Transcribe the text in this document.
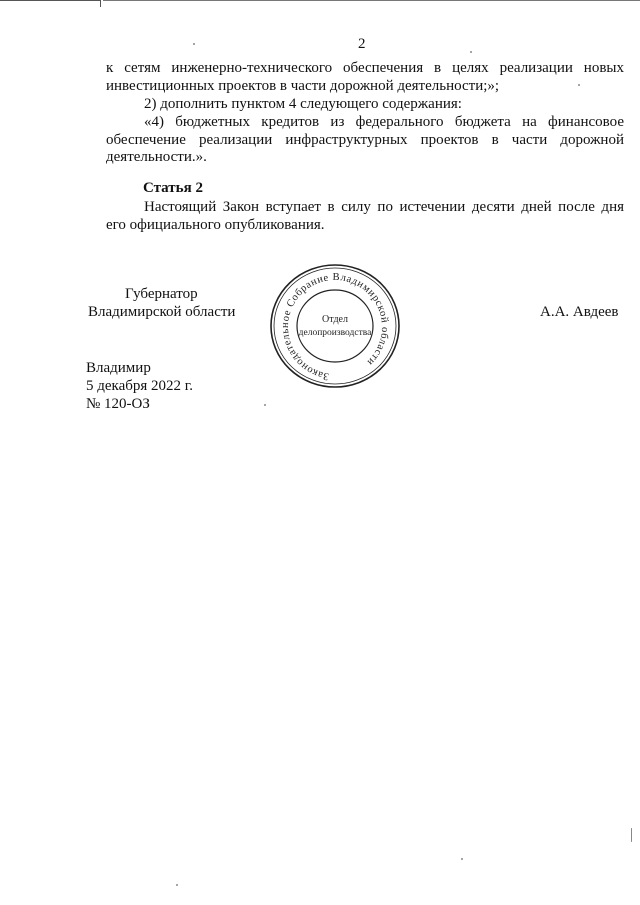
2
к сетям инженерно-технического обеспечения в целях реализации новых
инвестиционных проектов в части дорожной деятельности;»;
2) дополнить пунктом 4 следующего содержания:
«4) бюджетных кредитов из федерального бюджета на финансовое
обеспечение реализации инфраструктурных проектов в части дорожной
деятельности.».
Статья 2
Настоящий Закон вступает в силу по истечении десяти дней после дня
его официального опубликования.
Губернатор
Владимирской области	А.А. Авдеев
Законодательное Собрание Владимирской области
Отдел
делопроизводства
Владимир
5 декабря 2022 г.
№ 120-ОЗ
